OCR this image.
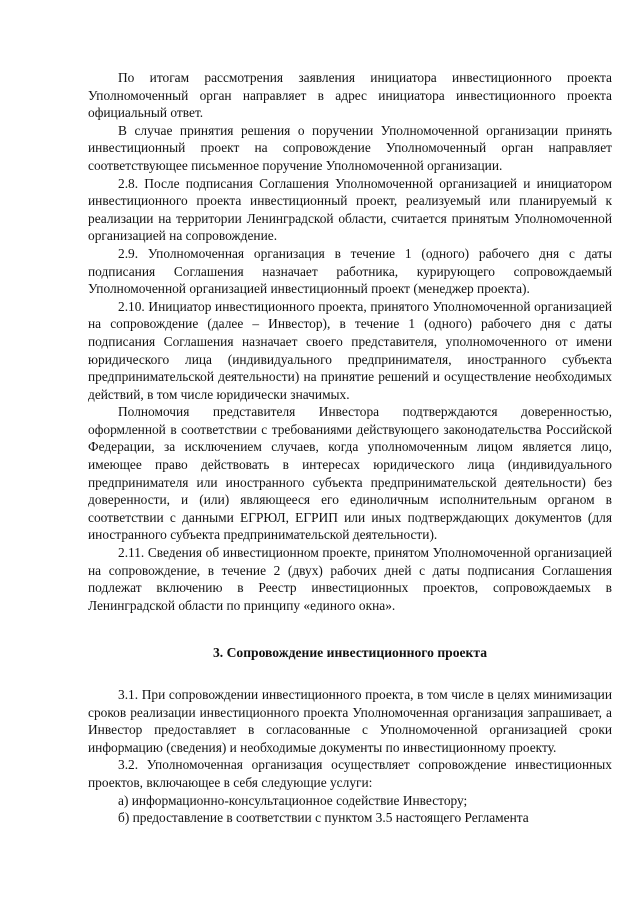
По итогам рассмотрения заявления инициатора инвестиционного проекта Уполномоченный орган направляет в адрес инициатора инвестиционного проекта официальный ответ.

В случае принятия решения о поручении Уполномоченной организации принять инвестиционный проект на сопровождение Уполномоченный орган направляет соответствующее письменное поручение Уполномоченной организации.

2.8. После подписания Соглашения Уполномоченной организацией и инициатором инвестиционного проекта инвестиционный проект, реализуемый или планируемый к реализации на территории Ленинградской области, считается принятым Уполномоченной организацией на сопровождение.

2.9. Уполномоченная организация в течение 1 (одного) рабочего дня с даты подписания Соглашения назначает работника, курирующего сопровождаемый Уполномоченной организацией инвестиционный проект (менеджер проекта).

2.10. Инициатор инвестиционного проекта, принятого Уполномоченной организацией на сопровождение (далее – Инвестор), в течение 1 (одного) рабочего дня с даты подписания Соглашения назначает своего представителя, уполномоченного от имени юридического лица (индивидуального предпринимателя, иностранного субъекта предпринимательской деятельности) на принятие решений и осуществление необходимых действий, в том числе юридически значимых.

Полномочия представителя Инвестора подтверждаются доверенностью, оформленной в соответствии с требованиями действующего законодательства Российской Федерации, за исключением случаев, когда уполномоченным лицом является лицо, имеющее право действовать в интересах юридического лица (индивидуального предпринимателя или иностранного субъекта предпринимательской деятельности) без доверенности, и (или) являющееся его единоличным исполнительным органом в соответствии с данными ЕГРЮЛ, ЕГРИП или иных подтверждающих документов (для иностранного субъекта предпринимательской деятельности).

2.11. Сведения об инвестиционном проекте, принятом Уполномоченной организацией на сопровождение, в течение 2 (двух) рабочих дней с даты подписания Соглашения подлежат включению в Реестр инвестиционных проектов, сопровождаемых в Ленинградской области по принципу «единого окна».

3. Сопровождение инвестиционного проекта

3.1. При сопровождении инвестиционного проекта, в том числе в целях минимизации сроков реализации инвестиционного проекта Уполномоченная организация запрашивает, а Инвестор предоставляет в согласованные с Уполномоченной организацией сроки информацию (сведения) и необходимые документы по инвестиционному проекту.

3.2. Уполномоченная организация осуществляет сопровождение инвестиционных проектов, включающее в себя следующие услуги:

а) информационно-консультационное содействие Инвестору;

б) предоставление в соответствии с пунктом 3.5 настоящего Регламента
